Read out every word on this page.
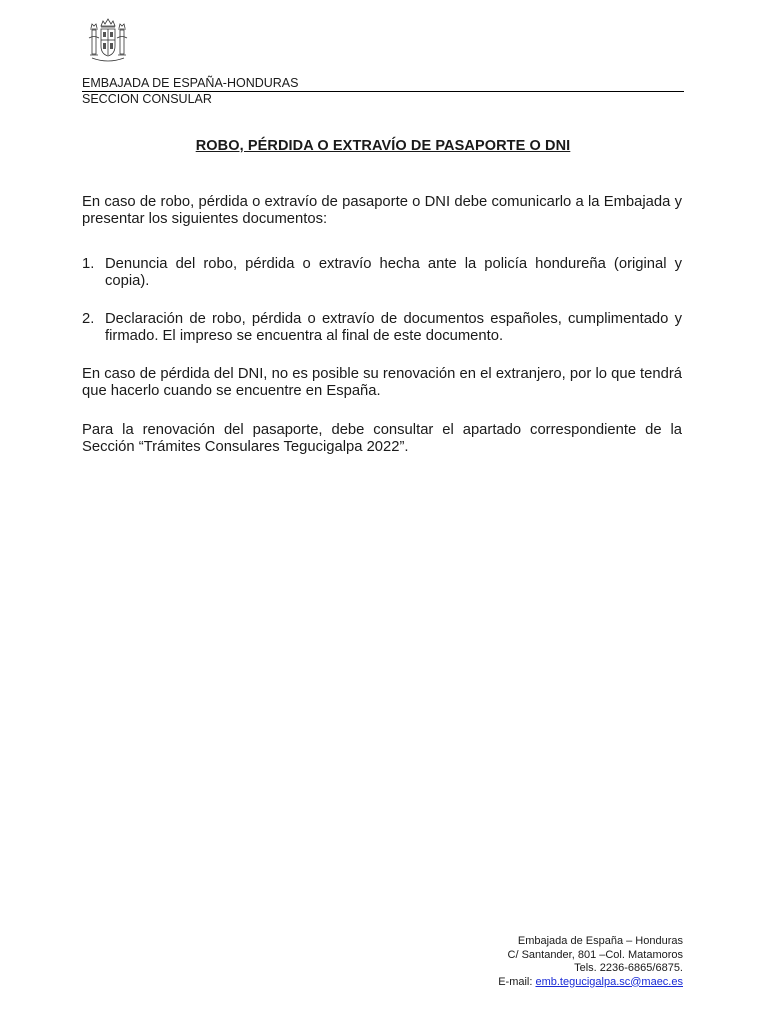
EMBAJADA DE ESPAÑA-HONDURAS
SECCION CONSULAR
ROBO, PÉRDIDA O EXTRAVÍO DE PASAPORTE O DNI
En caso de robo, pérdida o extravío de pasaporte o DNI debe comunicarlo a la Embajada y presentar los siguientes documentos:
1. Denuncia del robo, pérdida o extravío hecha ante la policía hondureña (original y copia).
2. Declaración de robo, pérdida o extravío de documentos españoles, cumplimentado y firmado. El impreso se encuentra al final de este documento.
En caso de pérdida del DNI, no es posible su renovación en el extranjero, por lo que tendrá que hacerlo cuando se encuentre en España.
Para la renovación del pasaporte, debe consultar el apartado correspondiente de la Sección “Trámites Consulares Tegucigalpa 2022”.
Embajada de España – Honduras
C/ Santander, 801 –Col. Matamoros
Tels. 2236-6865/6875.
E-mail: emb.tegucigalpa.sc@maec.es
